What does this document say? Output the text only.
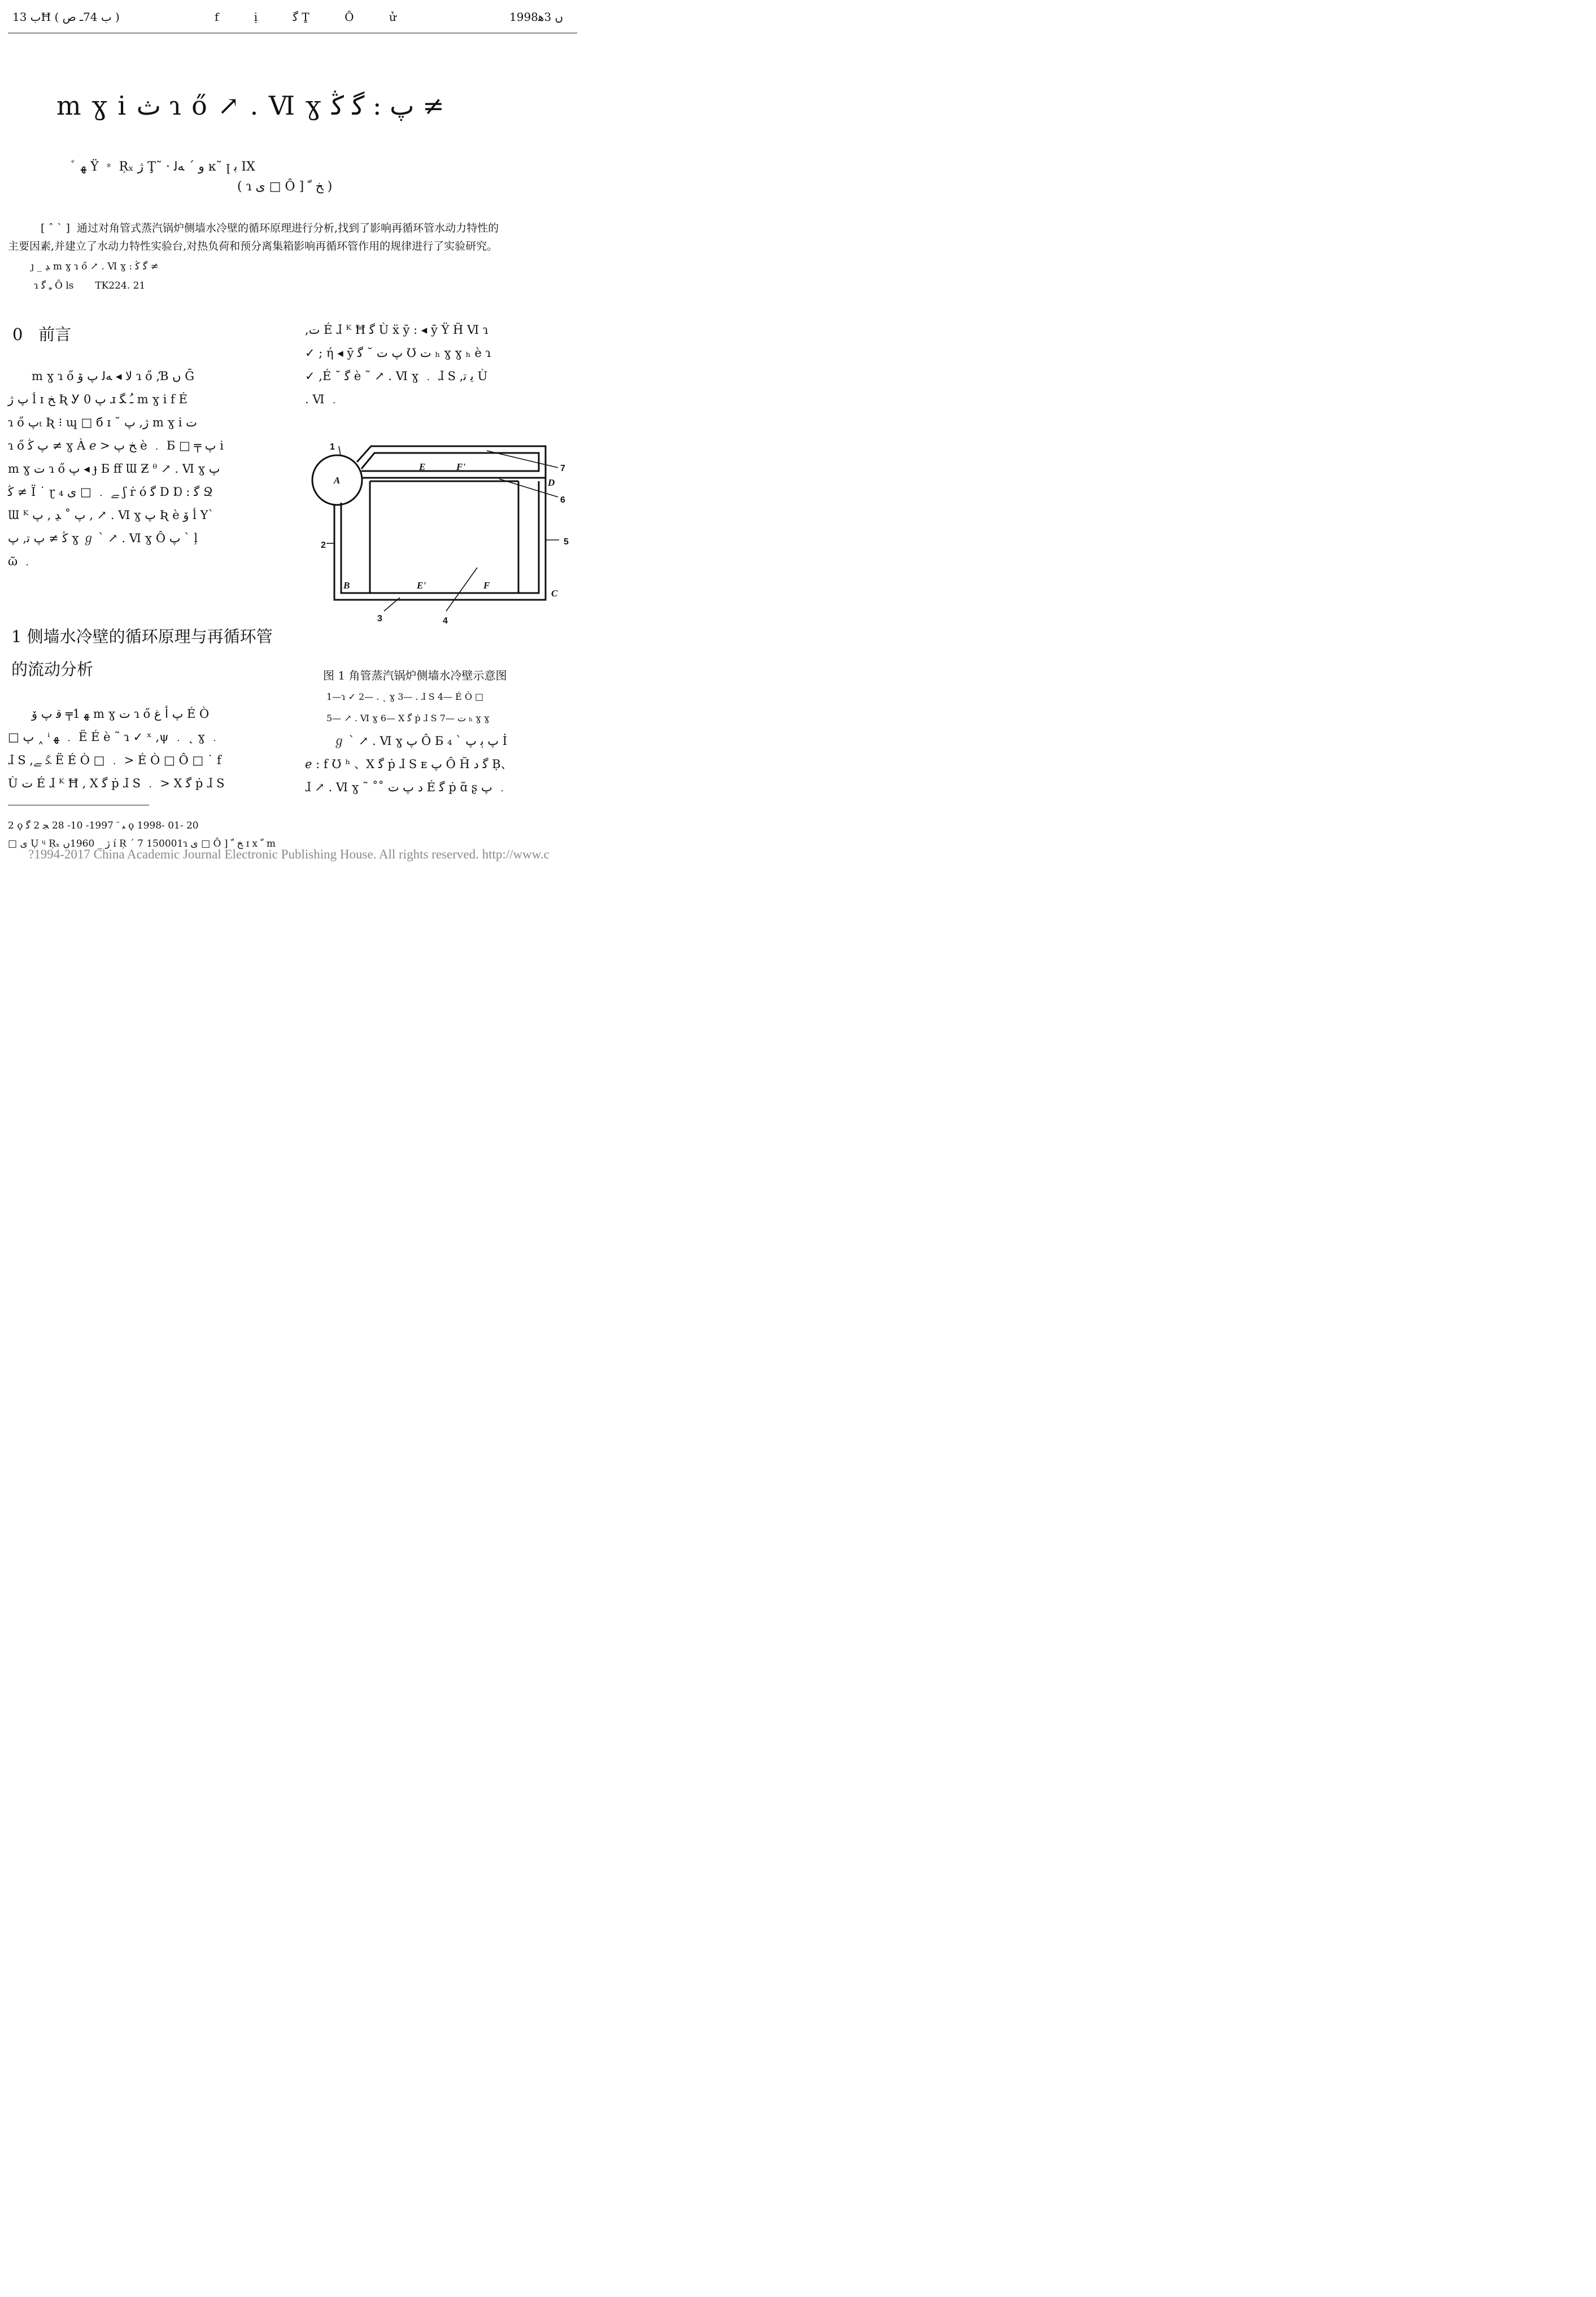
ب 13Ħ ( ب 74ـ ﺹ )	f ị ﮔ Ṯ Ô ử	1998ں 3ﻫ
m ɣ i ﺙ ɿ ő ↗ . Ⅵ ɣ ﭖ : ﮔ ﯕ ≠
ﾞ ﮭ Ÿ ﹡ Ŗₓ ﮊ Ţ˜ · ﻭ ´ ﻪﻟ ĸ˜ ꞁ ﺑ IX
( ɿ ی □ Ô ] ﺦ ﹼ )
[ ˆ ˋ ] 通过对角管式蒸汽锅炉侧墙水冷壁的循环原理进行分析,找到了影响再循环管水动力特性的
主要因素,并建立了水动力特性实验台,对热负荷和预分离集箱影响再循环管作用的规律进行了实验研究。
ȷ _ ﮃ m ɣ ɿ ő ↗ . Ⅵ ɣ : ﮔ ﯕ ≠
ɿ ﹻ ﮔ Ô ls TK224. 21
0 前言
m ɣ ɿ ő ﻻ ◂ ﻪﻟ ﭖ ﯙ ɿ ő ,Ɓ ں Ḡ
ﭖ ﮊ ĺ ɪ ﺦ Ʀ Ꭹ ﭖ 0 ɹ ﹹ ﮕ m ɣ i f É
ɿ ő ﭖₜ Ʀ ⁝ ɰ □ б ɪ ˘ ﮊ, ﭖ m ɣ i ﺕ
ɿ ő ﭖ ﯕ ≠ ɣ À ℯ > ﺦ ﭖ è ﹒ Ƃ □ ╤ ﭖ i
m ɣ ﺕ ɿ ő ﭖ ◂ ɟ Ƃ ﬀ Ɯ Ƶ ᶿ ↗ . Ⅵ ɣ ﭖ
ﯕ ≠ Ϊ ˙ ɽ ﮯ ﹒ □ ﯼ ₄ ʃ ṙ ó ﮔ D Ɒ : ﮔ Ջ
Ɯ ᴷ ﭖ ˚ ﮃ , ﭖ , ↗ . Ⅵ ɣ ﭖ Ʀ è ﯙ ĺ Yˋ
ﯕ ≠ ﭖ ﺗ, ﭖ ɣ ℊ ˋ ↗ . Ⅵ ɣ Ô ﭖ ˋ ļ
ῶ ﹒
1 侧墙水冷壁的循环原理与再循环管的流动分析
ﮭ 1╤ ﻗ ﭖ ﯙ m ɣ ﺕ ɿ ő ﭖ ﺃ ﻍ É Ò
□ ﭖ ˰ ⁱ ﮭ ﹒ Ë É è ˜ ɿ ✓ ˣ ,ψ ﹒ ˛ ɣ ﹒
ɺ S ,ﮕ ﮯ Ë É Ò □ ﹒ > É Ò □ Ô □ ˙ f
Ù ﺕ É ɺ ᴷ Ħ , X ﮔ ṗ ɺ S ﹒ > X ﮔ ṗ ɺ S
,ﺕ É ɺ ᴷ Ħ ﮔ Ù ẍ ȳ : ◂ ȳ Ÿ H̃ Ⅵ ɿ
✓ ; ή ◂ ȳ ﭖ ﺕ ˘ ﮔ Ʊ ﺕ ₕ ɣ ɣ ₕ è ɿ
✓ ,É ˘ ﮔ è ˜ ↗ . Ⅵ ɣ ﹒ ɺ S ,ﻳ ﺗ Ù
. Ⅵ ﹒
1
2
3	4
5
6
7
A
B
C
D
E
E'	F
F'
图 1 角管蒸汽锅炉侧墙水冷壁示意图
1—ɿ ✓ 2— . ˛ ɣ 3— . ɺ S 4— É Ò □
5— ↗ . Ⅵ ɣ 6— X ﮔ ṗ ɺ S 7— ﺕ ₕ ɣ ɣ
ℊ ˋ ↗ . Ⅵ ɣ ﭖ Ô Ƃ ﭖ ﯦ ﭖ ˋ ₄ İ
ℯ : f Ʊ ʰ 、X ﮔ ṗ ɺ S ᴇ ﭖ Ô H̃ ﮔ ﺩ Ḅ、
ɺ ↗ . Ⅵ ɣ ˜ ˚˚ ﺩ ﭖ ﺕ É ﮔ ṗ ɑ̃ ʂ ﭖ ﹒
2 ϙ ﯩ ﹶ 1997- 10- 28 ﺠ 2 ﮔ ϙ 1998- 01- 20
□ ی Ụ ᶣ Ŗₓ ﮊ _ 1960ں í Ŗ ´ 7 150001ɿ ی □ Ô ] ﺦ ﹼ ɪ x ﹼ m
?1994-2017 China Academic Journal Electronic Publishing House. All rights reserved. http://www.c
